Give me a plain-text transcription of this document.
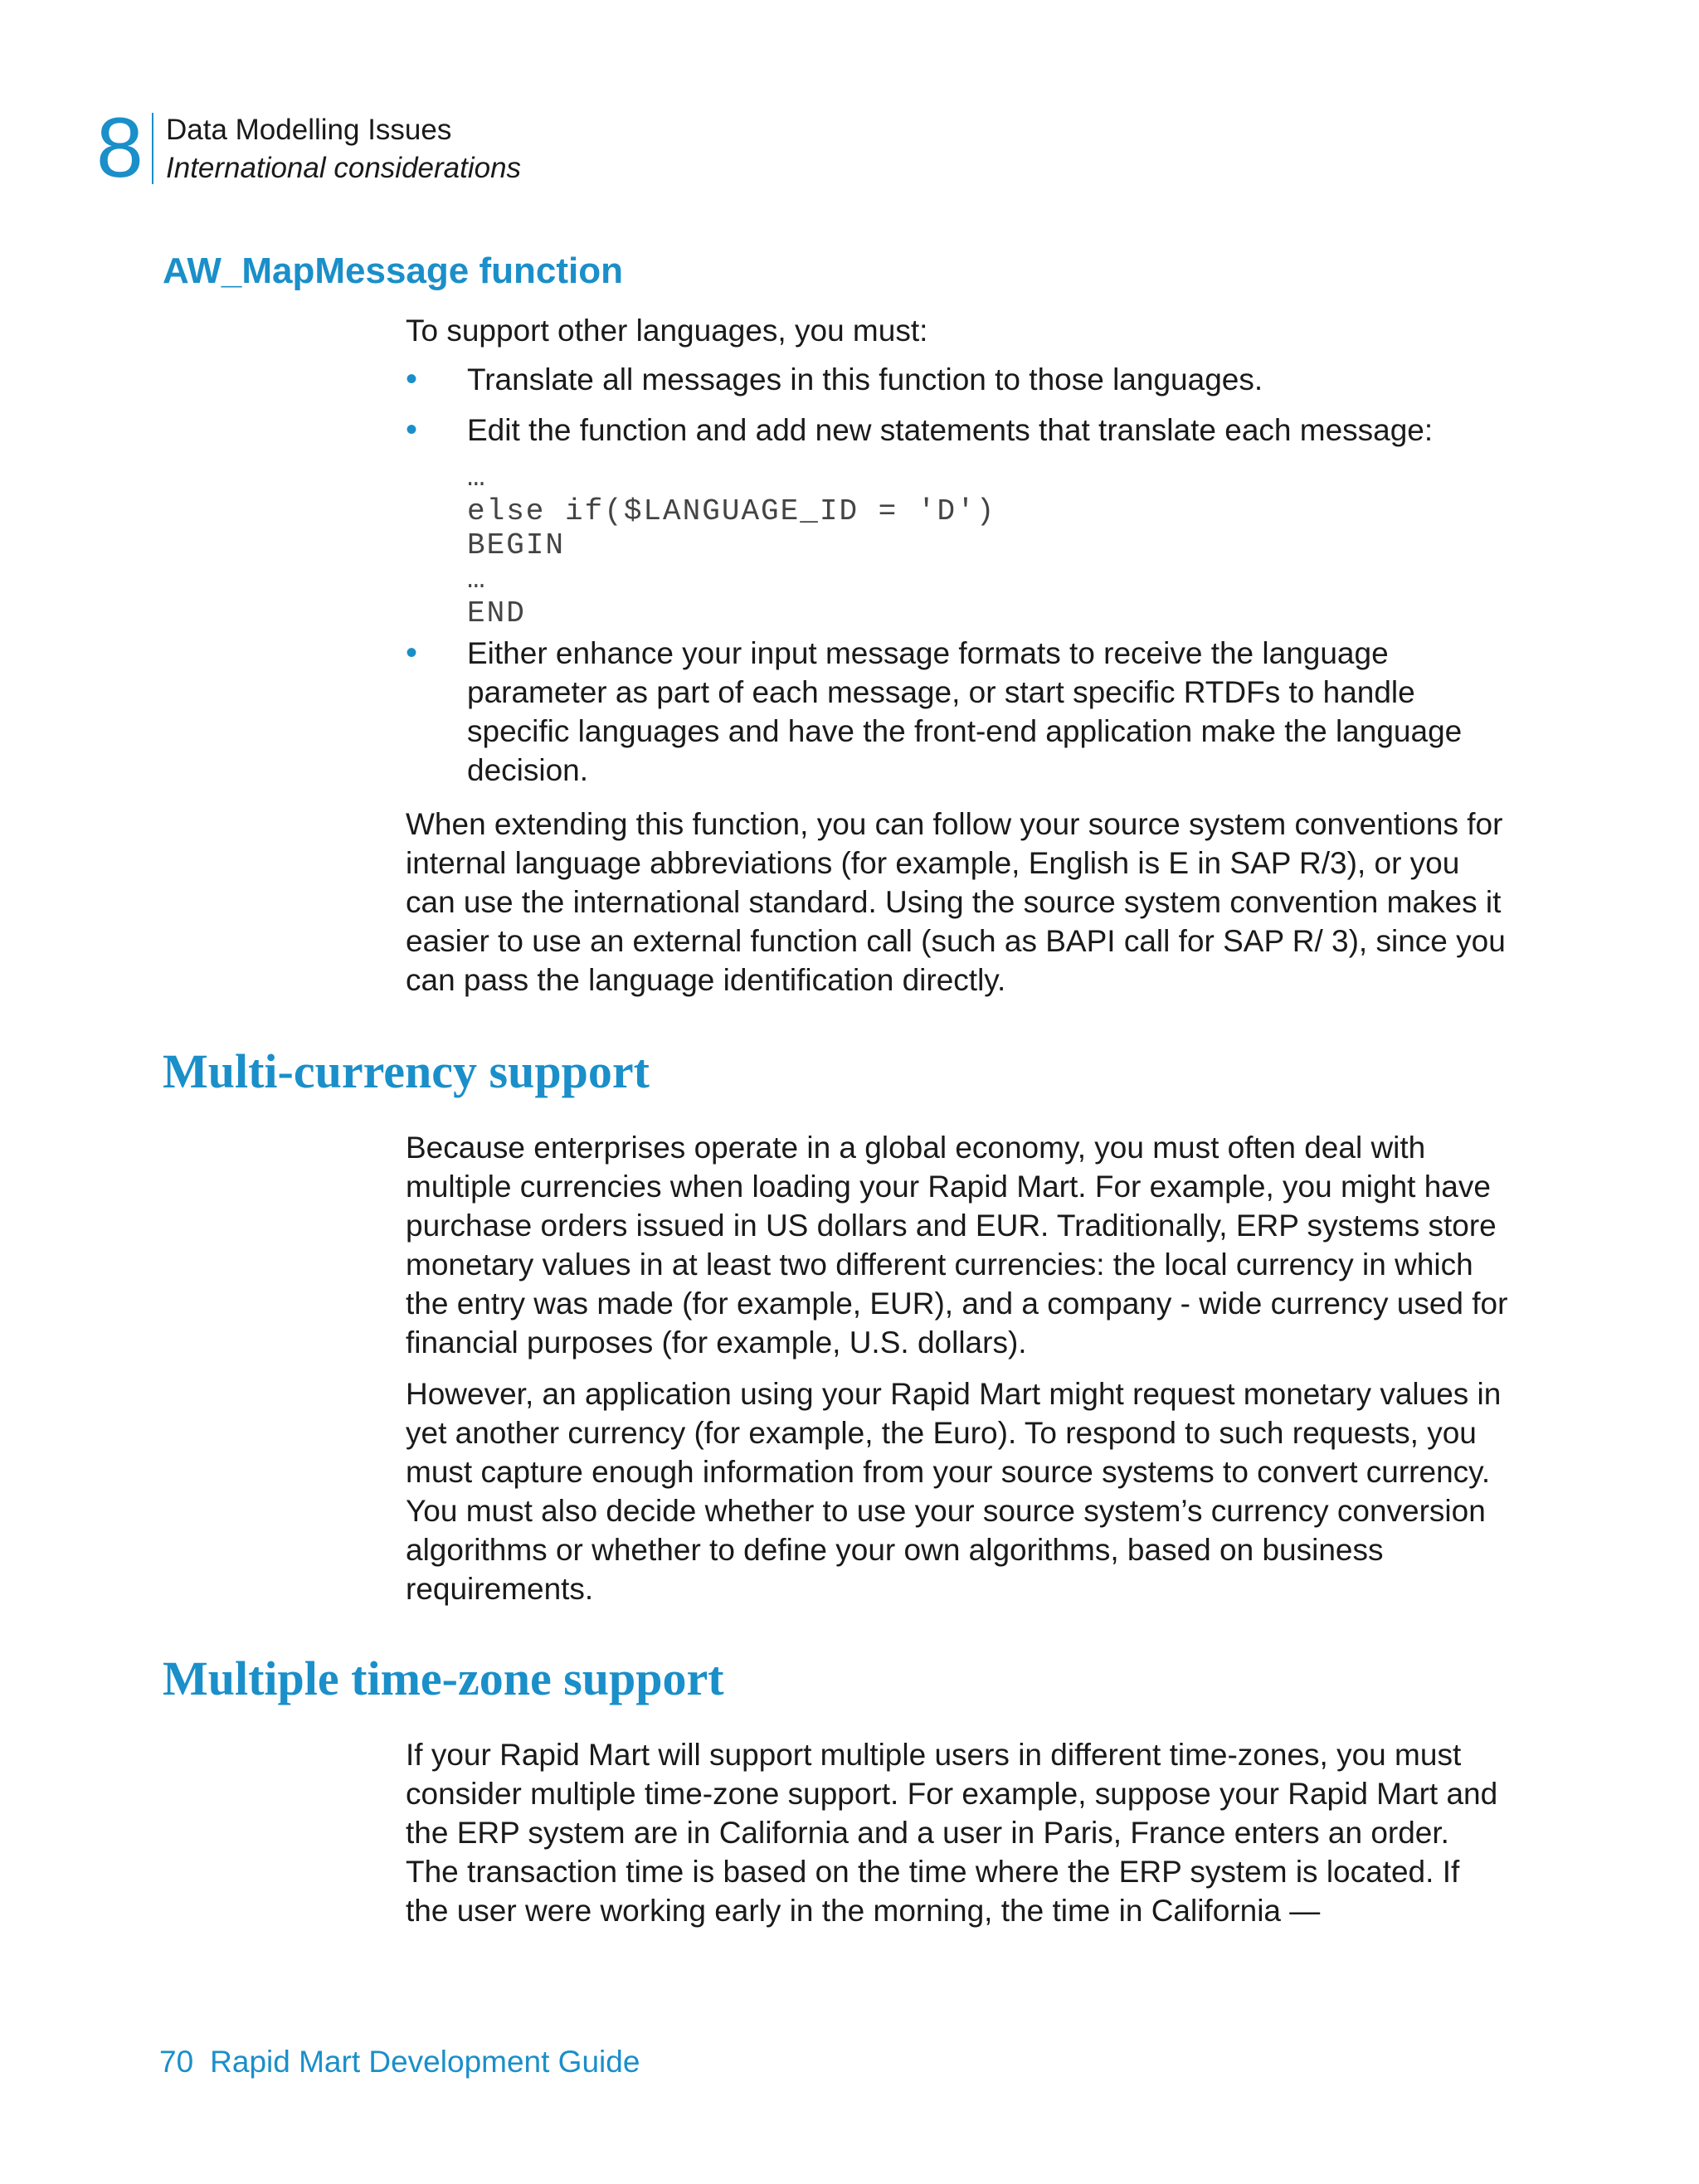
8 Data Modelling Issues
International considerations
AW_MapMessage function

To support other languages, you must:

• Translate all messages in this function to those languages.
• Edit the function and add new statements that translate each message:
…
else if($LANGUAGE_ID = 'D')
BEGIN
…
END
• Either enhance your input message formats to receive the language parameter as part of each message, or start specific RTDFs to handle specific languages and have the front-end application make the language decision.

When extending this function, you can follow your source system conventions for internal language abbreviations (for example, English is E in SAP R/3), or you can use the international standard. Using the source system convention makes it easier to use an external function call (such as BAPI call for SAP R/ 3), since you can pass the language identification directly.

Multi-currency support

Because enterprises operate in a global economy, you must often deal with multiple currencies when loading your Rapid Mart. For example, you might have purchase orders issued in US dollars and EUR. Traditionally, ERP systems store monetary values in at least two different currencies: the local currency in which the entry was made (for example, EUR), and a company - wide currency used for financial purposes (for example, U.S. dollars).

However, an application using your Rapid Mart might request monetary values in yet another currency (for example, the Euro). To respond to such requests, you must capture enough information from your source systems to convert currency. You must also decide whether to use your source system’s currency conversion algorithms or whether to define your own algorithms, based on business requirements.

Multiple time-zone support

If your Rapid Mart will support multiple users in different time-zones, you must consider multiple time-zone support. For example, suppose your Rapid Mart and the ERP system are in California and a user in Paris, France enters an order. The transaction time is based on the time where the ERP system is located. If the user were working early in the morning, the time in California —

70 Rapid Mart Development Guide
